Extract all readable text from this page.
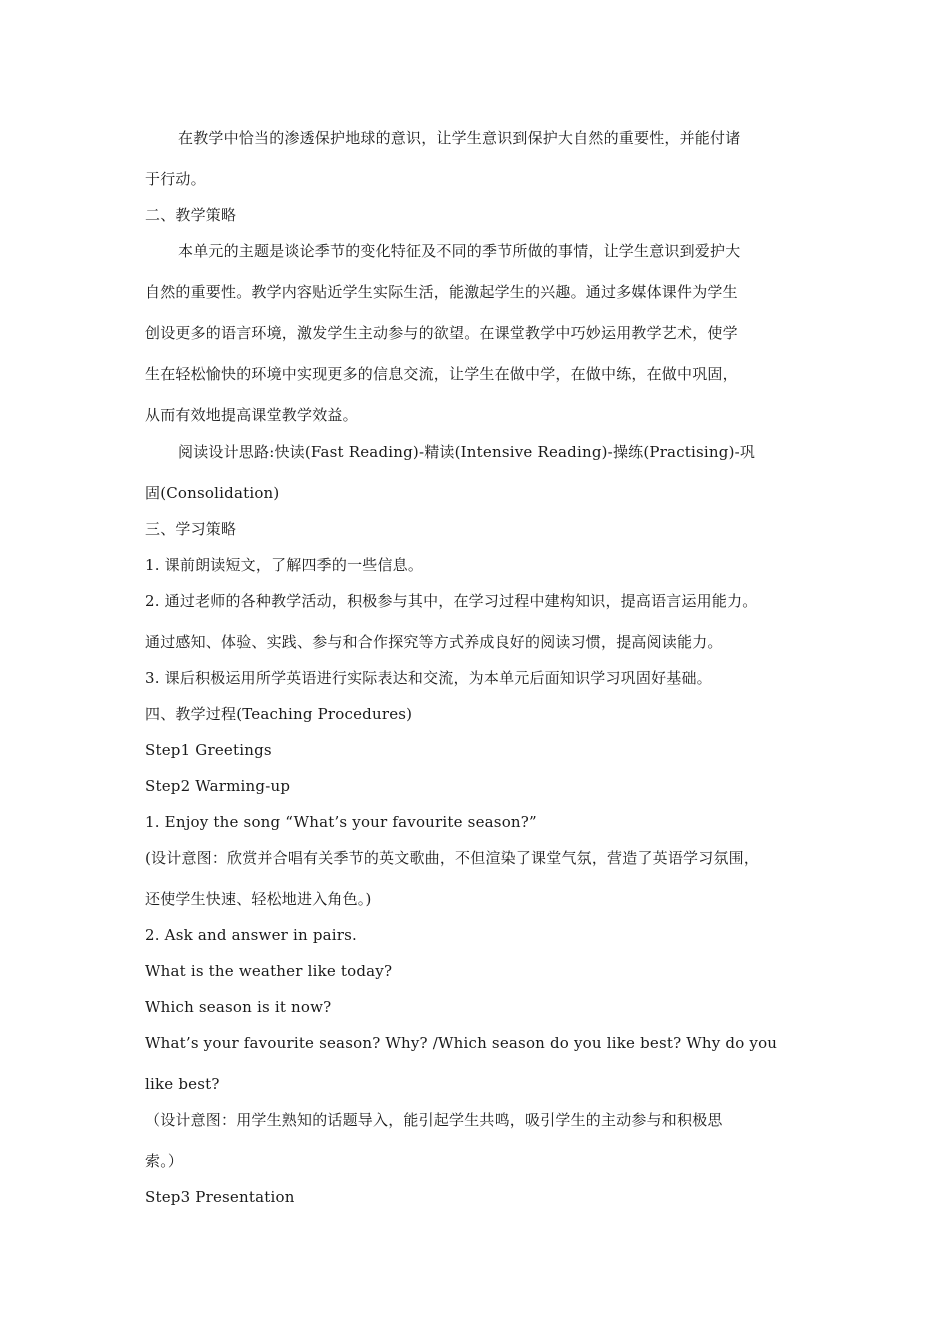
在教学中恰当的渗透保护地球的意识，让学生意识到保护大自然的重要性，并能付诸
于行动。
二、教学策略
本单元的主题是谈论季节的变化特征及不同的季节所做的事情，让学生意识到爱护大
自然的重要性。教学内容贴近学生实际生活，能激起学生的兴趣。通过多媒体课件为学生
创设更多的语言环境，激发学生主动参与的欲望。在课堂教学中巧妙运用教学艺术，使学
生在轻松愉快的环境中实现更多的信息交流，让学生在做中学，在做中练，在做中巩固，
从而有效地提高课堂教学效益。
阅读设计思路:快读(Fast Reading)-精读(Intensive Reading)-操练(Practising)-巩
固(Consolidation)
三、学习策略
1. 课前朗读短文，了解四季的一些信息。
2. 通过老师的各种教学活动，积极参与其中，在学习过程中建构知识，提高语言运用能力。
通过感知、体验、实践、参与和合作探究等方式养成良好的阅读习惯，提高阅读能力。
3. 课后积极运用所学英语进行实际表达和交流，为本单元后面知识学习巩固好基础。
四、教学过程(Teaching Procedures)
Step1 Greetings
Step2 Warming-up
1. Enjoy the song “What’s your favourite season?”
(设计意图：欣赏并合唱有关季节的英文歌曲，不但渲染了课堂气氛，营造了英语学习氛围，
还使学生快速、轻松地进入角色。)
2. Ask and answer in pairs.
What is the weather like today?
Which season is it now?
What’s your favourite season? Why? /Which season do you like best? Why do you
like best?
（设计意图：用学生熟知的话题导入，能引起学生共鸣，吸引学生的主动参与和积极思
索。）
Step3 Presentation
